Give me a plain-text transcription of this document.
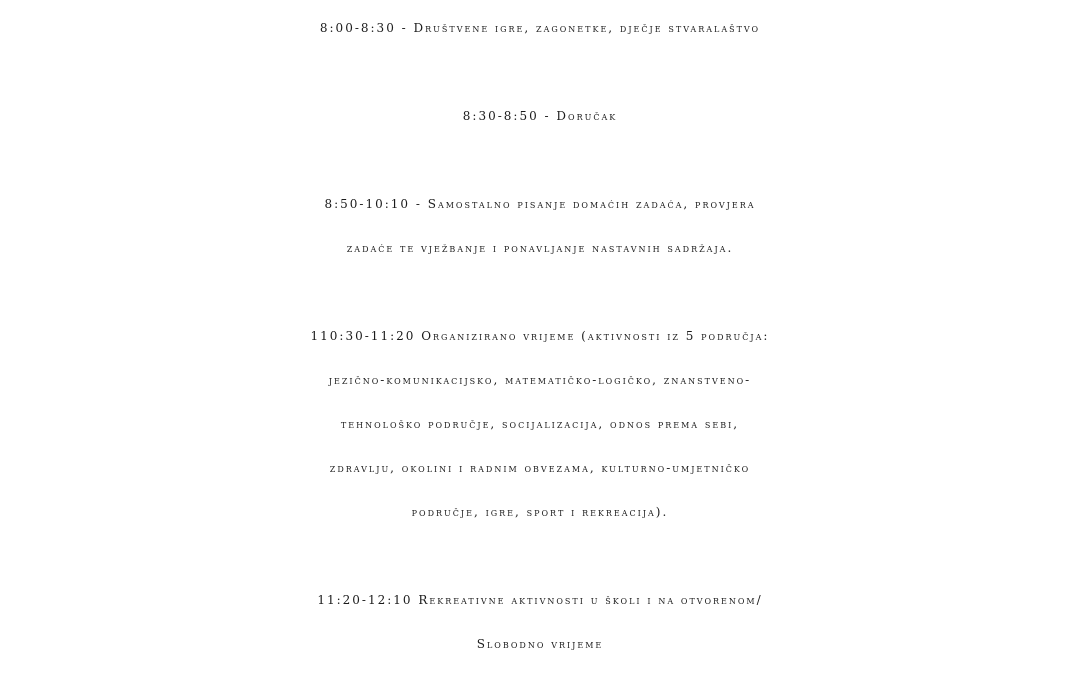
8:00-8:30 - Društvene igre, zagonetke, dječje stvaralaštvo

8:30-8:50 - Doručak

8:50-10:10 - Samostalno pisanje domaćih zadaća, provjera
zadaće te vježbanje i ponavljanje nastavnih sadržaja.

110:30-11:20 Organizirano vrijeme (aktivnosti iz 5 područja:
jezično-komunikacijsko, matematičko-logičko, znanstveno-
tehnološko područje, socijalizacija, odnos prema sebi,
zdravlju, okolini i radnim obvezama, kulturno-umjetničko
područje, igre, sport i rekreacija).

11:20-12:10 Rekreativne aktivnosti u školi i na otvorenom/
Slobodno vrijeme
